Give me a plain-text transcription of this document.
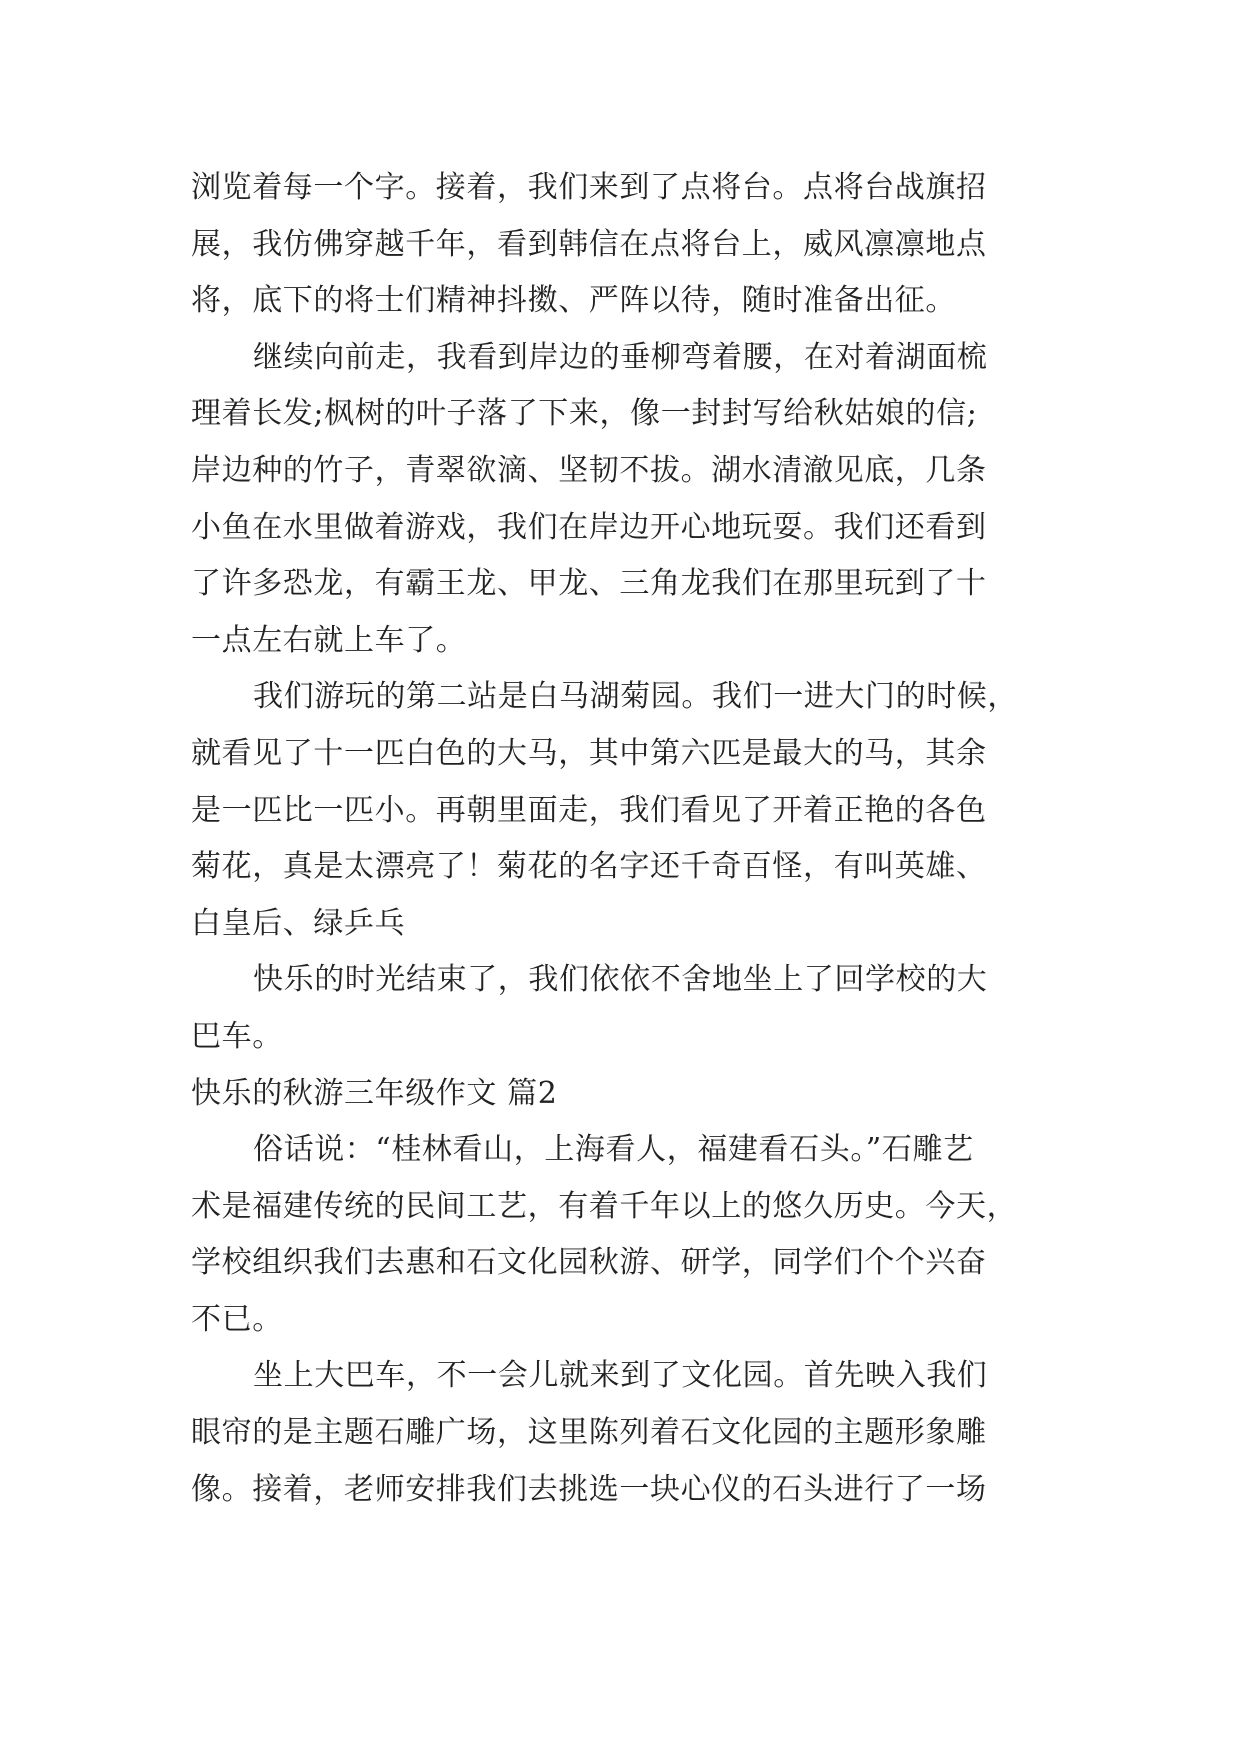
浏览着每一个字。接着，我们来到了点将台。点将台战旗招
展，我仿佛穿越千年，看到韩信在点将台上，威风凛凛地点
将，底下的将士们精神抖擞、严阵以待，随时准备出征。
继续向前走，我看到岸边的垂柳弯着腰，在对着湖面梳
理着长发;枫树的叶子落了下来，像一封封写给秋姑娘的信;
岸边种的竹子，青翠欲滴、坚韧不拔。湖水清澈见底，几条
小鱼在水里做着游戏，我们在岸边开心地玩耍。我们还看到
了许多恐龙，有霸王龙、甲龙、三角龙我们在那里玩到了十
一点左右就上车了。
我们游玩的第二站是白马湖菊园。我们一进大门的时候，
就看见了十一匹白色的大马，其中第六匹是最大的马，其余
是一匹比一匹小。再朝里面走，我们看见了开着正艳的各色
菊花，真是太漂亮了！菊花的名字还千奇百怪，有叫英雄、
白皇后、绿乒乓
快乐的时光结束了，我们依依不舍地坐上了回学校的大
巴车。
快乐的秋游三年级作文 篇2
俗话说：“桂林看山，上海看人，福建看石头。”石雕艺
术是福建传统的民间工艺，有着千年以上的悠久历史。今天，
学校组织我们去惠和石文化园秋游、研学，同学们个个兴奋
不已。
坐上大巴车，不一会儿就来到了文化园。首先映入我们
眼帘的是主题石雕广场，这里陈列着石文化园的主题形象雕
像。接着，老师安排我们去挑选一块心仪的石头进行了一场
